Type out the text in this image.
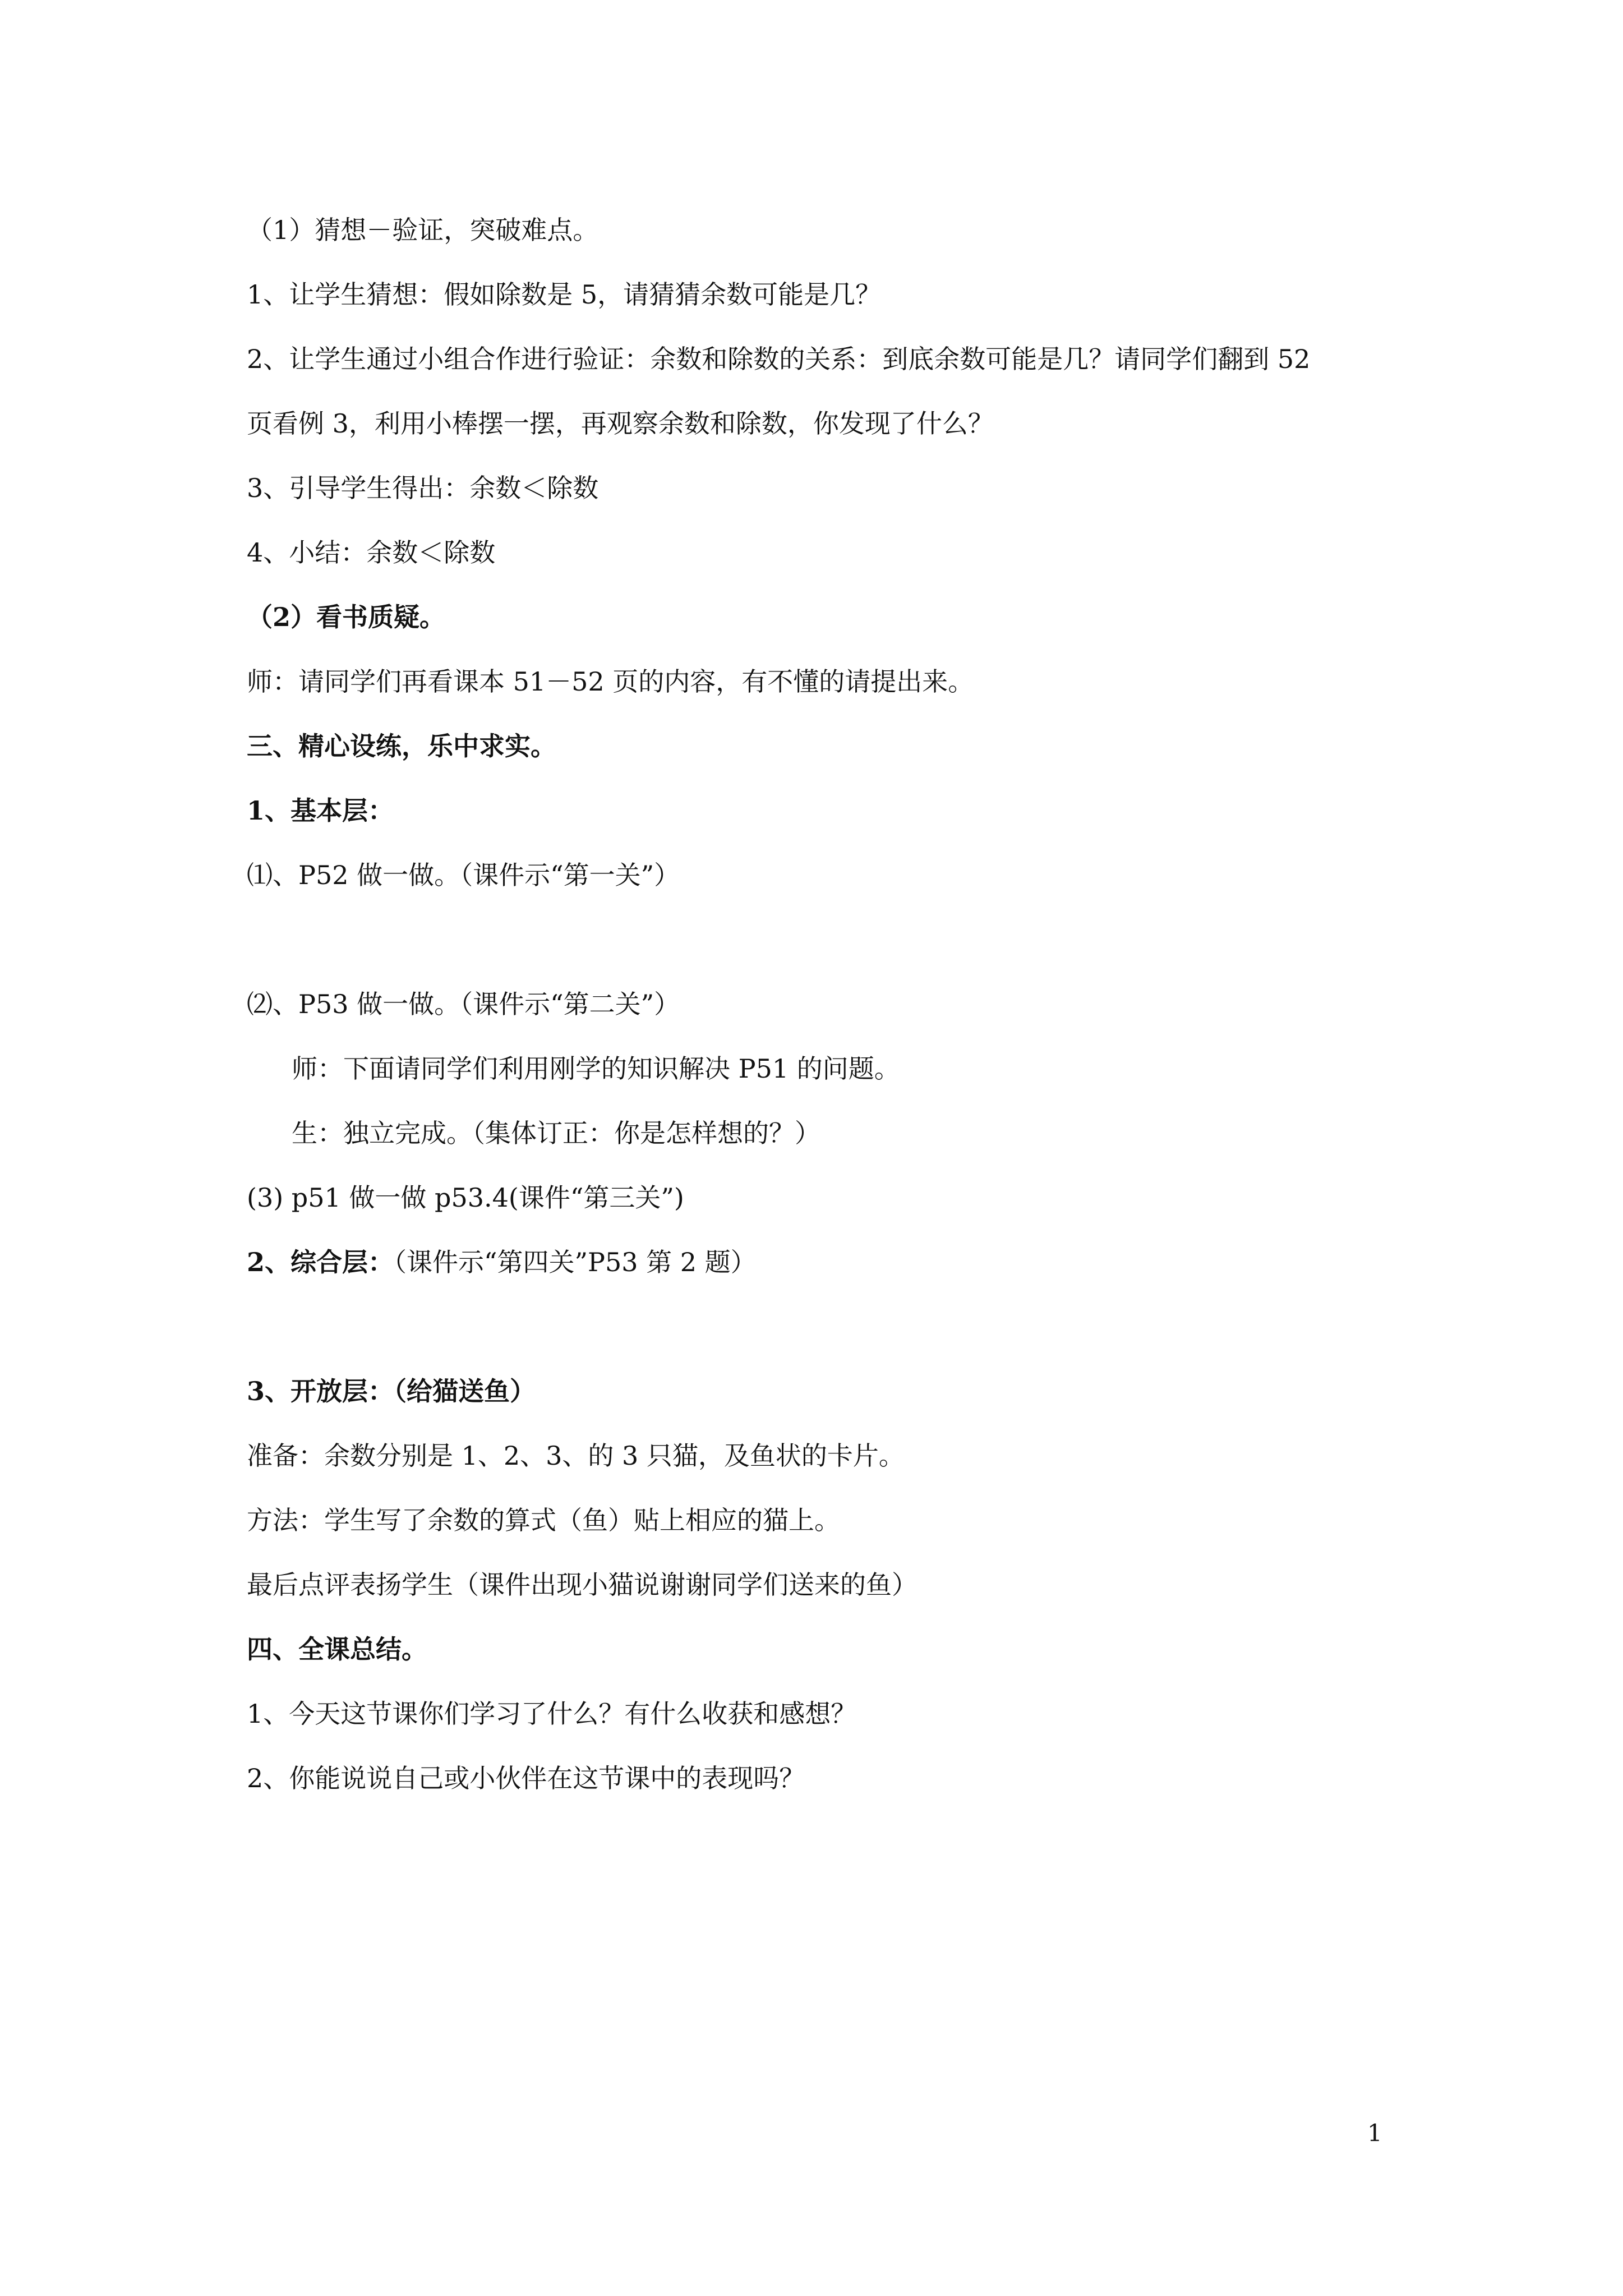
（1）猜想－验证，突破难点。
1、让学生猜想：假如除数是 5，请猜猜余数可能是几？
2、让学生通过小组合作进行验证：余数和除数的关系：到底余数可能是几？请同学们翻到 52
页看例 3，利用小棒摆一摆，再观察余数和除数，你发现了什么？
3、引导学生得出：余数＜除数
4、小结：余数＜除数
（2）看书质疑。
师：请同学们再看课本 51－52 页的内容，有不懂的请提出来。
三、精心设练，乐中求实。
1、基本层：
⑴、P52 做一做。（课件示“第一关”）
⑵、P53 做一做。（课件示“第二关”）
师：下面请同学们利用刚学的知识解决 P51 的问题。
生：独立完成。（集体订正：你是怎样想的？）
(3) p51 做一做 p53.4(课件“第三关”)
2、综合层：（课件示“第四关”P53 第 2 题）
3、开放层：（给猫送鱼）
准备：余数分别是 1、2、3、的 3 只猫，及鱼状的卡片。
方法：学生写了余数的算式（鱼）贴上相应的猫上。
最后点评表扬学生（课件出现小猫说谢谢同学们送来的鱼）
四、全课总结。
1、今天这节课你们学习了什么？有什么收获和感想？
2、你能说说自己或小伙伴在这节课中的表现吗？
1
